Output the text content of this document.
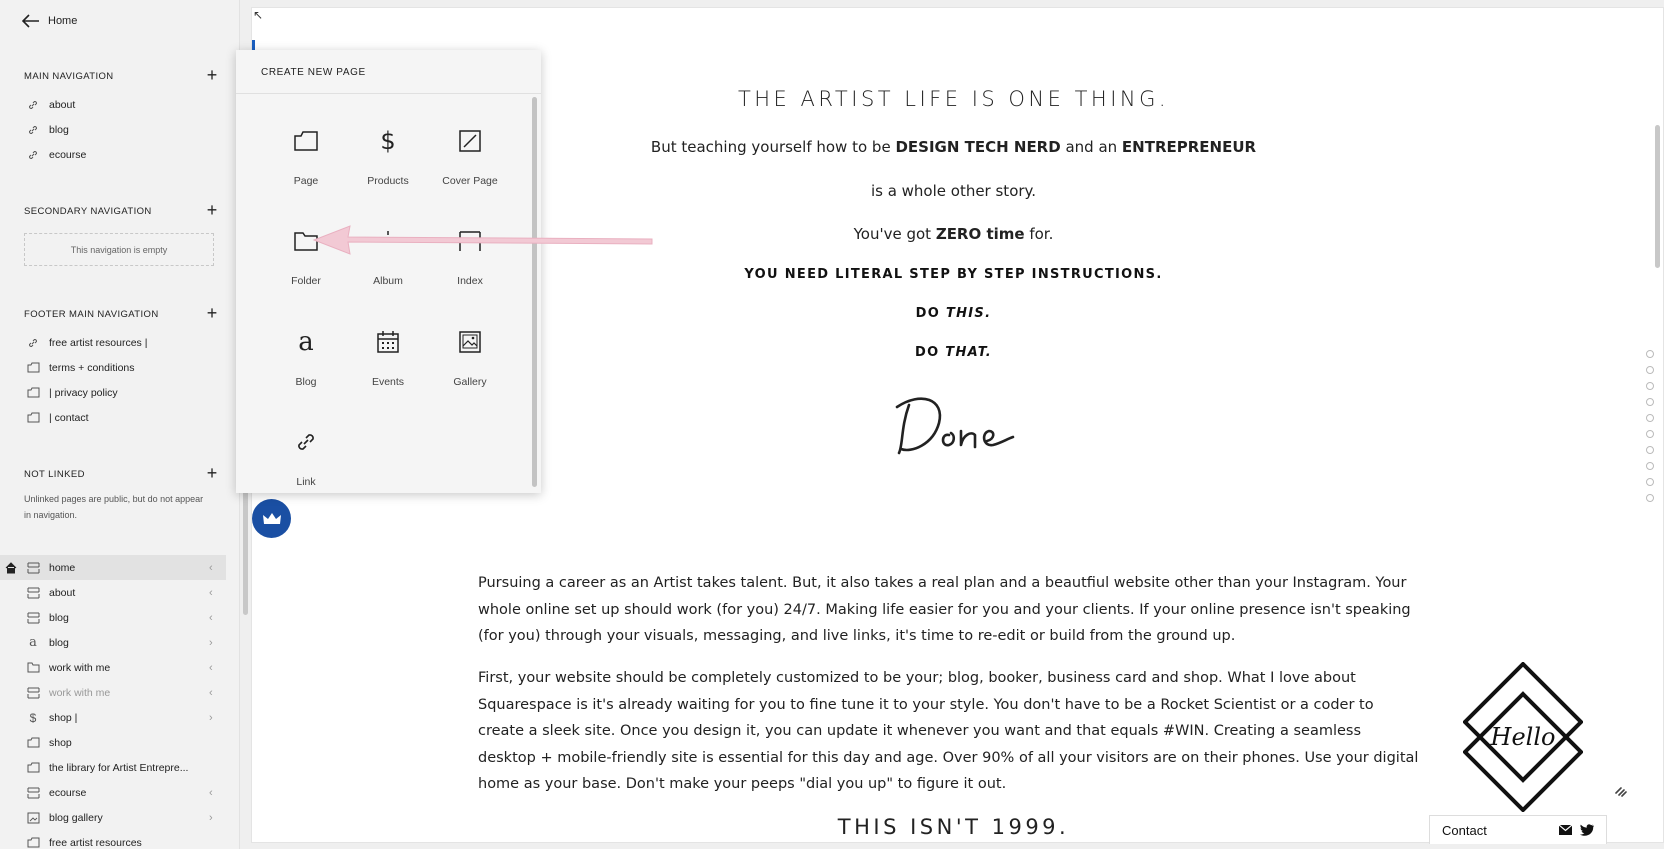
Home
MAIN NAVIGATION	+
about
blog
ecourse
SECONDARY NAVIGATION	+
This navigation is empty
FOOTER MAIN NAVIGATION	+
free artist resources |
terms + conditions
| privacy policy
| contact
NOT LINKED	+
Unlinked pages are public, but do not appear in navigation.
home	‹
about	‹
blog	‹
a blog	›
work with me	‹
work with me	‹
$ shop |	›
shop
the library for Artist Entrepre...
ecourse	‹
blog gallery	›
free artist resources
↖
THE ARTIST LIFE IS ONE THING.
But teaching yourself how to be DESIGN TECH NERD and an ENTREPRENEUR
is a whole other story.
You've got ZERO time for.
YOU NEED LITERAL STEP BY STEP INSTRUCTIONS.
DO THIS.
DO THAT.
Pursuing a career as an Artist takes talent. But, it also takes a real plan and a beautfiul website other than your Instagram. Your whole online set up should work (for you) 24/7. Making life easier for you and your clients. If your online presence isn't speaking (for you) through your visuals, messaging, and live links, it's time to re-edit or build from the ground up.
First, your website should be completely customized to be your; blog, booker, business card and shop. What I love about Squarespace is it's already waiting for you to fine tune it to your style. You don't have to be a Rocket Scientist or a coder to create a sleek site. Once you design it, you can update it whenever you want and that equals #WIN. Creating a seamless desktop + mobile-friendly site is essential for this day and age. Over 90% of all your visitors are on their phones. Use your digital home as your base. Don't make your peeps "dial you up" to figure it out.
THIS ISN'T 1999.
Hello
Contact
CREATE NEW PAGE
Page
$
Products	Cover Page
Folder	Album	Index
a
Blog	Events	Gallery
Link
